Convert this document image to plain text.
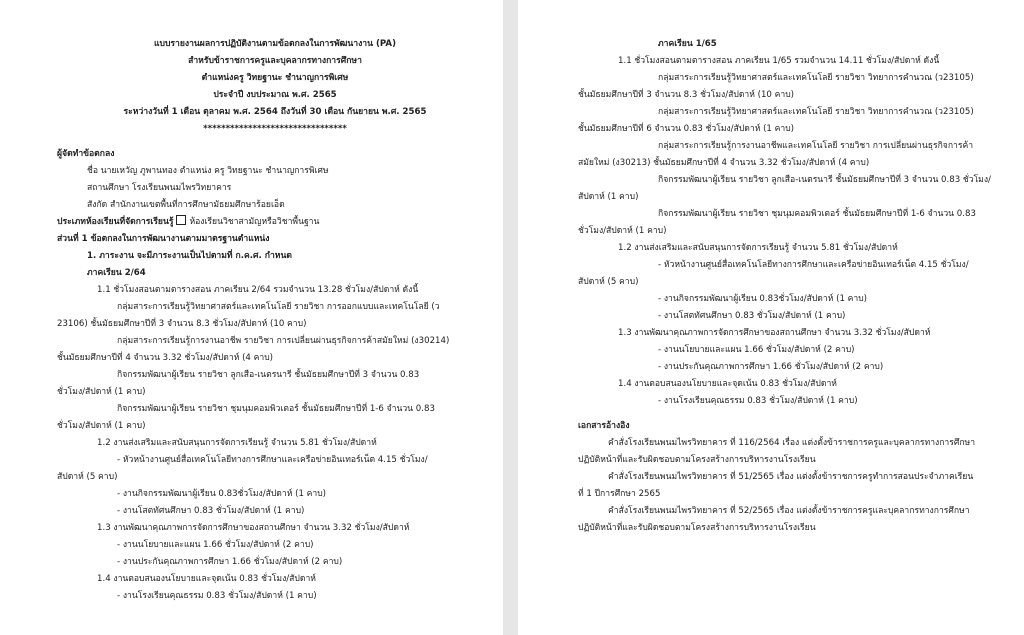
แบบรายงานผลการปฏิบัติงานตามข้อตกลงในการพัฒนางาน (PA)
สำหรับข้าราชการครูและบุคลากรทางการศึกษา
ตำแหน่งครู วิทยฐานะ ชำนาญการพิเศษ
ประจำปี งบประมาณ พ.ศ. 2565
ระหว่างวันที่ 1 เดือน ตุลาคม พ.ศ. 2564 ถึงวันที่ 30 เดือน กันยายน พ.ศ. 2565
********************************
ผู้จัดทำข้อตกลง
ชื่อ นายเหวัญ ภูพานทอง ตำแหน่ง ครู วิทยฐานะ ชำนาญการพิเศษ
สถานศึกษา โรงเรียนพนมไพรวิทยาคาร
สังกัด สำนักงานเขตพื้นที่การศึกษามัธยมศึกษาร้อยเอ็ด
ประเภทห้องเรียนที่จัดการเรียนรู้ ห้องเรียนวิชาสามัญหรือวิชาพื้นฐาน
ส่วนที่ 1 ข้อตกลงในการพัฒนางานตามมาตรฐานตำแหน่ง
1. ภาระงาน จะมีภาระงานเป็นไปตามที่ ก.ค.ศ. กำหนด
ภาคเรียน 2/64
1.1 ชั่วโมงสอนตามตารางสอน ภาคเรียน 2/64 รวมจำนวน 13.28 ชั่วโมง/สัปดาห์ ดังนี้
กลุ่มสาระการเรียนรู้วิทยาศาสตร์และเทคโนโลยี รายวิชา การออกแบบและเทคโนโลยี (ว
23106) ชั้นมัธยมศึกษาปีที่ 3 จำนวน 8.3 ชั่วโมง/สัปดาห์ (10 คาบ)
กลุ่มสาระการเรียนรู้การงานอาชีพ รายวิชา การเปลี่ยนผ่านธุรกิจการค้าสมัยใหม่ (ง30214)
ชั้นมัธยมศึกษาปีที่ 4 จำนวน 3.32 ชั่วโมง/สัปดาห์ (4 คาบ)
กิจกรรมพัฒนาผู้เรียน รายวิชา ลูกเสือ-เนตรนารี ชั้นมัธยมศึกษาปีที่ 3 จำนวน 0.83
ชั่วโมง/สัปดาห์ (1 คาบ)
กิจกรรมพัฒนาผู้เรียน รายวิชา ชุมนุมคอมพิวเตอร์ ชั้นมัธยมศึกษาปีที่ 1-6 จำนวน 0.83
ชั่วโมง/สัปดาห์ (1 คาบ)
1.2 งานส่งเสริมและสนับสนุนการจัดการเรียนรู้ จำนวน 5.81 ชั่วโมง/สัปดาห์
- หัวหน้างานศูนย์สื่อเทคโนโลยีทางการศึกษาและเครือข่ายอินเทอร์เน็ต 4.15 ชั่วโมง/
สัปดาห์ (5 คาบ)
- งานกิจกรรมพัฒนาผู้เรียน 0.83ชั่วโมง/สัปดาห์ (1 คาบ)
- งานโสตทัศนศึกษา 0.83 ชั่วโมง/สัปดาห์ (1 คาบ)
1.3 งานพัฒนาคุณภาพการจัดการศึกษาของสถานศึกษา จำนวน 3.32 ชั่วโมง/สัปดาห์
- งานนโยบายและแผน 1.66 ชั่วโมง/สัปดาห์ (2 คาบ)
- งานประกันคุณภาพการศึกษา 1.66 ชั่วโมง/สัปดาห์ (2 คาบ)
1.4 งานตอบสนองนโยบายและจุดเน้น 0.83 ชั่วโมง/สัปดาห์
- งานโรงเรียนคุณธรรม 0.83 ชั่วโมง/สัปดาห์ (1 คาบ)
ภาคเรียน 1/65
1.1 ชั่วโมงสอนตามตารางสอน ภาคเรียน 1/65 รวมจำนวน 14.11 ชั่วโมง/สัปดาห์ ดังนี้
กลุ่มสาระการเรียนรู้วิทยาศาสตร์และเทคโนโลยี รายวิชา วิทยาการคำนวณ (ว23105)
ชั้นมัธยมศึกษาปีที่ 3 จำนวน 8.3 ชั่วโมง/สัปดาห์ (10 คาบ)
กลุ่มสาระการเรียนรู้วิทยาศาสตร์และเทคโนโลยี รายวิชา วิทยาการคำนวณ (ว23105)
ชั้นมัธยมศึกษาปีที่ 6 จำนวน 0.83 ชั่วโมง/สัปดาห์ (1 คาบ)
กลุ่มสาระการเรียนรู้การงานอาชีพและเทคโนโลยี รายวิชา การเปลี่ยนผ่านธุรกิจการค้า
สมัยใหม่ (ง30213) ชั้นมัธยมศึกษาปีที่ 4 จำนวน 3.32 ชั่วโมง/สัปดาห์ (4 คาบ)
กิจกรรมพัฒนาผู้เรียน รายวิชา ลูกเสือ-เนตรนารี ชั้นมัธยมศึกษาปีที่ 3 จำนวน 0.83 ชั่วโมง/
สัปดาห์ (1 คาบ)
กิจกรรมพัฒนาผู้เรียน รายวิชา ชุมนุมคอมพิวเตอร์ ชั้นมัธยมศึกษาปีที่ 1-6 จำนวน 0.83
ชั่วโมง/สัปดาห์ (1 คาบ)
1.2 งานส่งเสริมและสนับสนุนการจัดการเรียนรู้ จำนวน 5.81 ชั่วโมง/สัปดาห์
- หัวหน้างานศูนย์สื่อเทคโนโลยีทางการศึกษาและเครือข่ายอินเทอร์เน็ต 4.15 ชั่วโมง/
สัปดาห์ (5 คาบ)
- งานกิจกรรมพัฒนาผู้เรียน 0.83ชั่วโมง/สัปดาห์ (1 คาบ)
- งานโสตทัศนศึกษา 0.83 ชั่วโมง/สัปดาห์ (1 คาบ)
1.3 งานพัฒนาคุณภาพการจัดการศึกษาของสถานศึกษา จำนวน 3.32 ชั่วโมง/สัปดาห์
- งานนโยบายและแผน 1.66 ชั่วโมง/สัปดาห์ (2 คาบ)
- งานประกันคุณภาพการศึกษา 1.66 ชั่วโมง/สัปดาห์ (2 คาบ)
1.4 งานตอบสนองนโยบายและจุดเน้น 0.83 ชั่วโมง/สัปดาห์
- งานโรงเรียนคุณธรรม 0.83 ชั่วโมง/สัปดาห์ (1 คาบ)
เอกสารอ้างอิง
คำสั่งโรงเรียนพนมไพรวิทยาคาร ที่ 116/2564 เรื่อง แต่งตั้งข้าราชการครูและบุคลากรทางการศึกษา
ปฏิบัติหน้าที่และรับผิดชอบตามโครงสร้างการบริหารงานโรงเรียน
คำสั่งโรงเรียนพนมไพรวิทยาคาร ที่ 51/2565 เรื่อง แต่งตั้งข้าราชการครูทำการสอนประจำภาคเรียน
ที่ 1 ปีการศึกษา 2565
คำสั่งโรงเรียนพนมไพรวิทยาคาร ที่ 52/2565 เรื่อง แต่งตั้งข้าราชการครูและบุคลากรทางการศึกษา
ปฏิบัติหน้าที่และรับผิดชอบตามโครงสร้างการบริหารงานโรงเรียน
